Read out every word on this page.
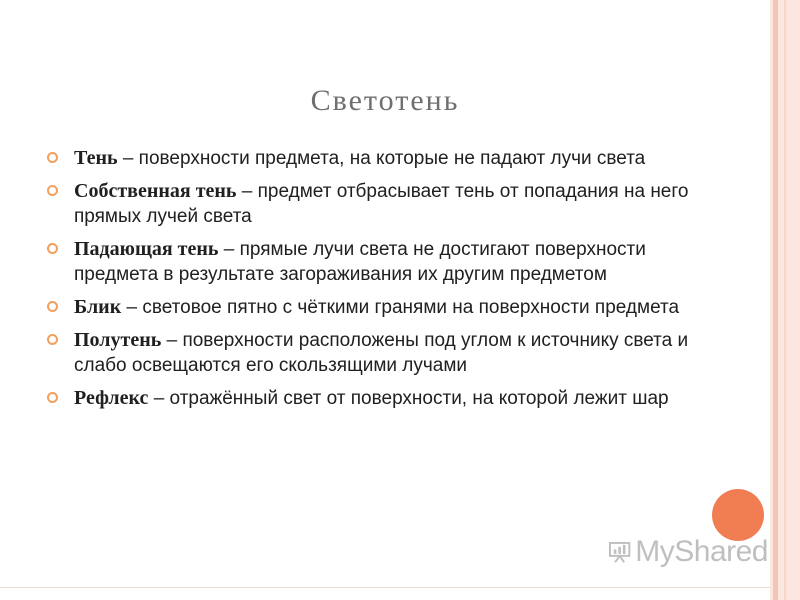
Светотень
Тень – поверхности предмета, на которые не падают лучи света
Собственная тень – предмет отбрасывает тень от попадания на него прямых лучей света
Падающая тень – прямые лучи света не достигают поверхности предмета в результате загораживания их другим предметом
Блик – световое пятно с чёткими гранями на поверхности предмета
Полутень – поверхности расположены под углом к источнику света и слабо освещаются его скользящими лучами
Рефлекс – отражённый свет от поверхности, на которой лежит шар
MyShared
